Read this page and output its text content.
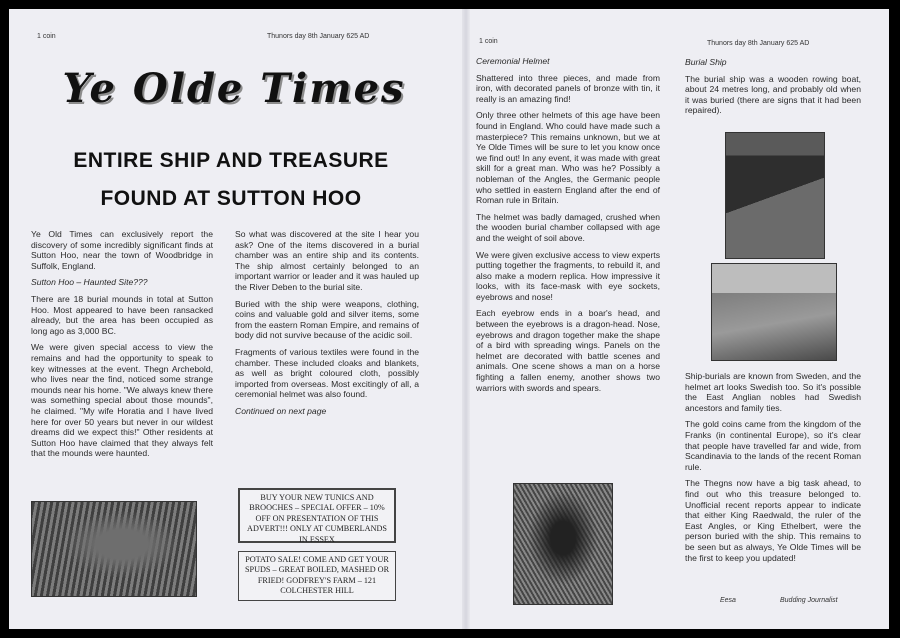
1 coin	Thunors day 8th January 625 AD
Ye Olde Times
ENTIRE SHIP AND TREASURE
FOUND AT SUTTON HOO

Ye Old Times can exclusively report the discovery of some incredibly significant finds at Sutton Hoo, near the town of Woodbridge in Suffolk, England.

Sutton Hoo – Haunted Site???

There are 18 burial mounds in total at Sutton Hoo. Most appeared to have been ransacked already, but the area has been occupied as long ago as 3,000 BC.

We were given special access to view the remains and had the opportunity to speak to key witnesses at the event. Thegn Archebold, who lives near the find, noticed some strange mounds near his home. "We always knew there was something special about those mounds", he claimed. "My wife Horatia and I have lived here for over 50 years but never in our wildest dreams did we expect this!" Other residents at Sutton Hoo have claimed that they always felt that the mounds were haunted.

So what was discovered at the site I hear you ask? One of the items discovered in a burial chamber was an entire ship and its contents. The ship almost certainly belonged to an important warrior or leader and it was hauled up the River Deben to the burial site.

Buried with the ship were weapons, clothing, coins and valuable gold and silver items, some from the eastern Roman Empire, and remains of body did not survive because of the acidic soil.

Fragments of various textiles were found in the chamber. These included cloaks and blankets, as well as bright coloured cloth, possibly imported from overseas. Most excitingly of all, a ceremonial helmet was also found.

Continued on next page

BUY YOUR NEW TUNICS AND BROOCHES – SPECIAL OFFER – 10% OFF ON PRESENTATION OF THIS ADVERT!!! ONLY AT CUMBERLANDS IN ESSEX
POTATO SALE! COME AND GET YOUR SPUDS – GREAT BOILED, MASHED OR FRIED! GODFREY'S FARM – 121 COLCHESTER HILL
1 coin	Thunors day 8th January 625 AD

Ceremonial Helmet

Shattered into three pieces, and made from iron, with decorated panels of bronze with tin, it really is an amazing find!

Only three other helmets of this age have been found in England. Who could have made such a masterpiece? This remains unknown, but we at Ye Olde Times will be sure to let you know once we find out! In any event, it was made with great skill for a great man. Who was he? Possibly a nobleman of the Angles, the Germanic people who settled in eastern England after the end of Roman rule in Britain.

The helmet was badly damaged, crushed when the wooden burial chamber collapsed with age and the weight of soil above.

We were given exclusive access to view experts putting together the fragments, to rebuild it, and also make a modern replica. How impressive it looks, with its face-mask with eye sockets, eyebrows and nose!

Each eyebrow ends in a boar's head, and between the eyebrows is a dragon-head. Nose, eyebrows and dragon together make the shape of a bird with spreading wings. Panels on the helmet are decorated with battle scenes and animals. One scene shows a man on a horse fighting a fallen enemy, another shows two warriors with swords and spears.

Burial Ship

The burial ship was a wooden rowing boat, about 24 metres long, and probably old when it was buried (there are signs that it had been repaired).

Ship-burials are known from Sweden, and the helmet art looks Swedish too. So it's possible the East Anglian nobles had Swedish ancestors and family ties.

The gold coins came from the kingdom of the Franks (in continental Europe), so it's clear that people have travelled far and wide, from Scandinavia to the lands of the recent Roman rule.

The Thegns now have a big task ahead, to find out who this treasure belonged to. Unofficial recent reports appear to indicate that either King Raedwald, the ruler of the East Angles, or King Ethelbert, were the person buried with the ship. This remains to be seen but as always, Ye Olde Times will be the first to keep you updated!

Eesa	Budding Journalist
